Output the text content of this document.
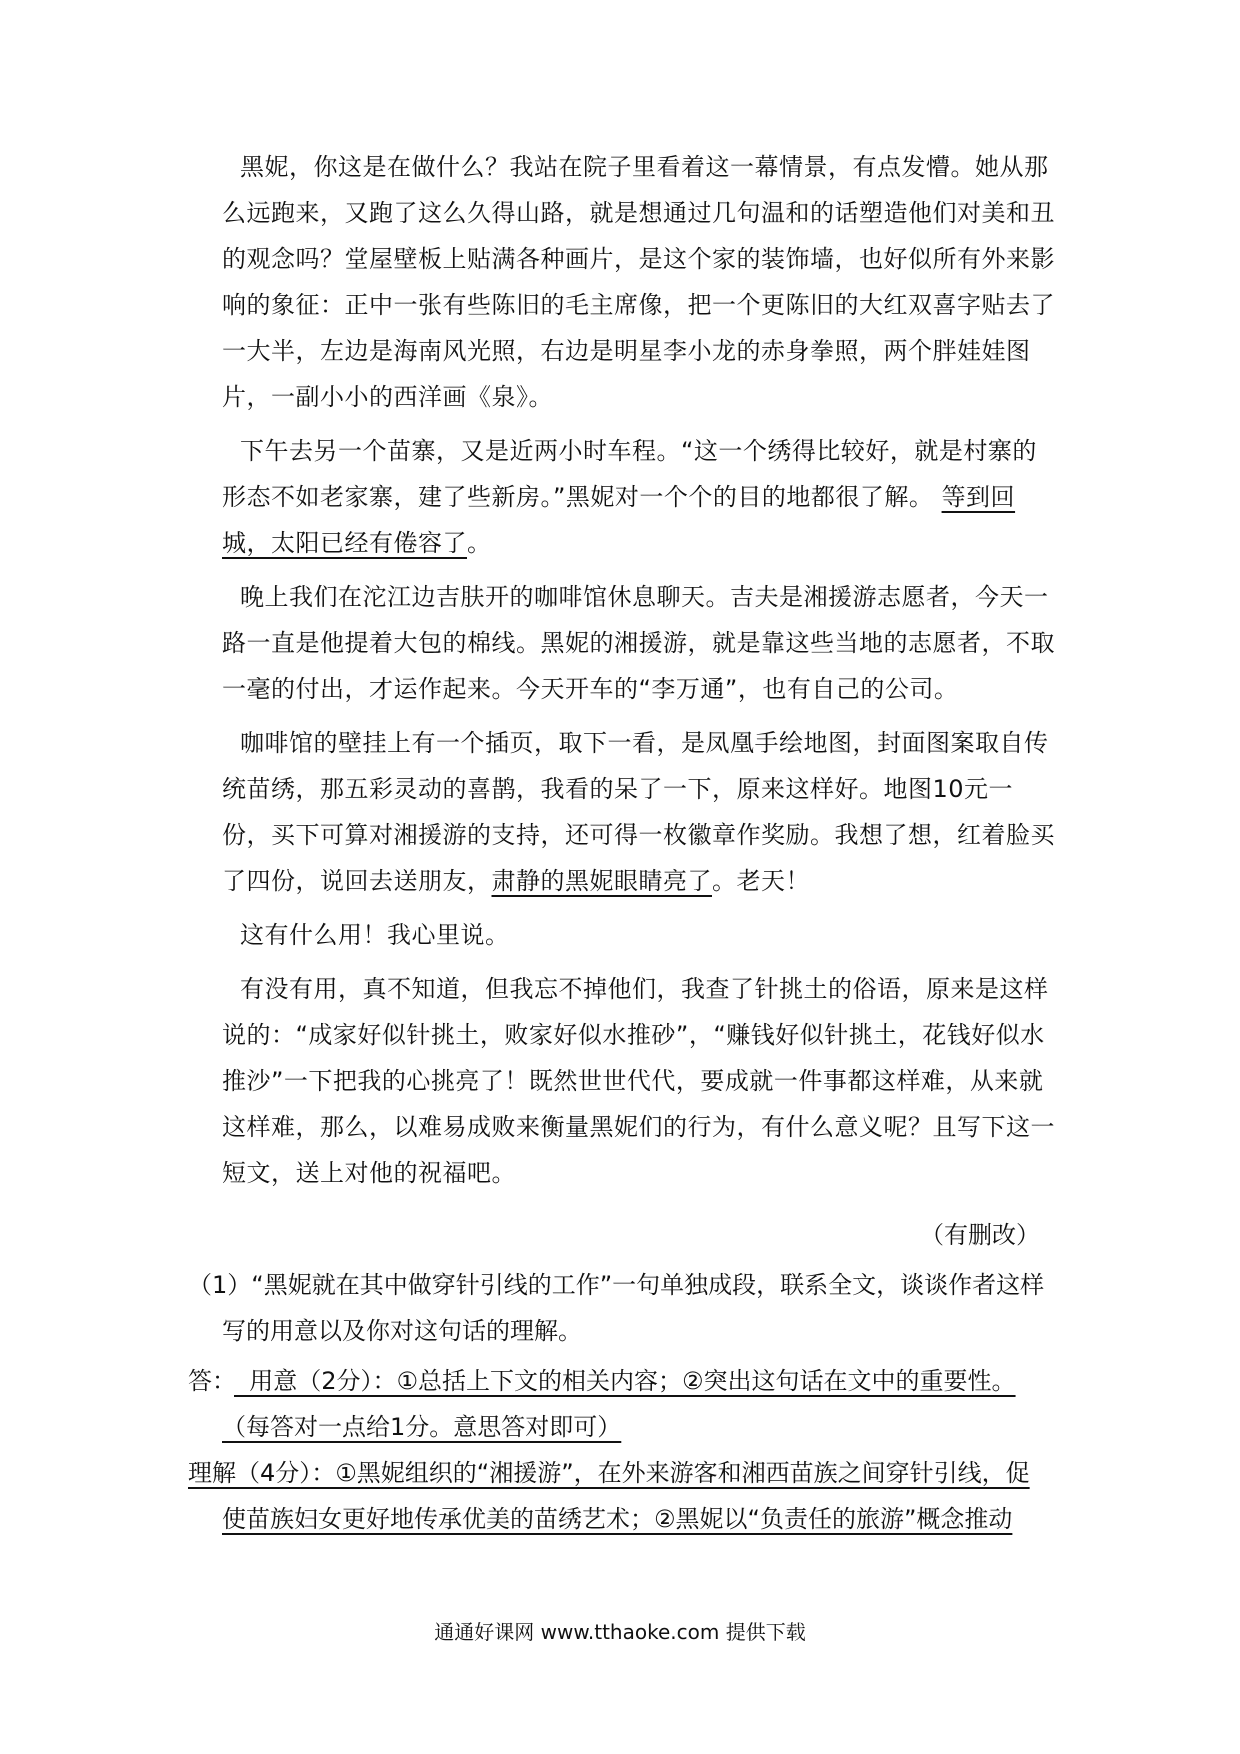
黑妮，你这是在做什么？我站在院子里看着这一幕情景，有点发懵。她从那么远跑来，又跑了这么久得山路，就是想通过几句温和的话塑造他们对美和丑的观念吗？堂屋壁板上贴满各种画片，是这个家的装饰墙，也好似所有外来影响的象征：正中一张有些陈旧的毛主席像，把一个更陈旧的大红双喜字贴去了一大半，左边是海南风光照，右边是明星李小龙的赤身拳照，两个胖娃娃图片，一副小小的西洋画《泉》。

下午去另一个苗寨，又是近两小时车程。“这一个绣得比较好，就是村寨的形态不如老家寨，建了些新房。”黑妮对一个个的目的地都很了解。 等到回城，太阳已经有倦容了。

晚上我们在沱江边吉肤开的咖啡馆休息聊天。吉夫是湘援游志愿者，今天一路一直是他提着大包的棉线。黑妮的湘援游，就是靠这些当地的志愿者，不取一毫的付出，才运作起来。今天开车的“李万通”，也有自己的公司。

咖啡馆的壁挂上有一个插页，取下一看，是凤凰手绘地图，封面图案取自传统苗绣，那五彩灵动的喜鹊，我看的呆了一下，原来这样好。地图10元一份，买下可算对湘援游的支持，还可得一枚徽章作奖励。我想了想，红着脸买了四份，说回去送朋友，肃静的黑妮眼睛亮了。老天！

这有什么用！我心里说。

有没有用，真不知道，但我忘不掉他们，我查了针挑土的俗语，原来是这样说的：“成家好似针挑土，败家好似水推砂”，“赚钱好似针挑土，花钱好似水推沙”一下把我的心挑亮了！既然世世代代，要成就一件事都这样难，从来就这样难，那么，以难易成败来衡量黑妮们的行为，有什么意义呢？且写下这一短文，送上对他的祝福吧。

（有删改）

（1）“黑妮就在其中做穿针引线的工作”一句单独成段，联系全文，谈谈作者这样写的用意以及你对这句话的理解。

答：  用意（2分）：①总括上下文的相关内容；②突出这句话在文中的重要性。

（每答对一点给1分。意思答对即可）

理解（4分）：①黑妮组织的“湘援游”，在外来游客和湘西苗族之间穿针引线，促

使苗族妇女更好地传承优美的苗绣艺术；②黑妮以“负责任的旅游”概念推动

通通好课网 www.tthaoke.com 提供下载
